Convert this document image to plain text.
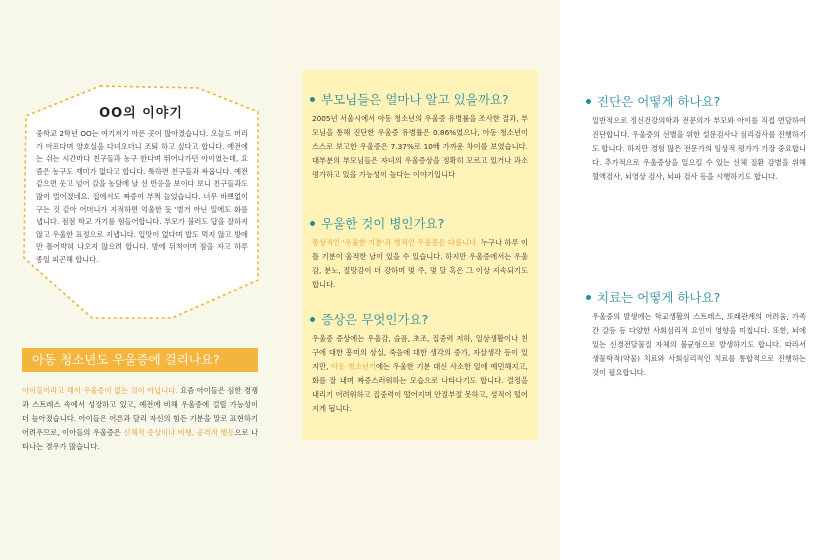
OO의 이야기
중학교 2학년 OO는 여기저기 아픈 곳이 많아졌습니다. 오늘도 머리가 아프다며 양호실을 다녀오더니 조퇴 하고 싶다고 합니다. 예전에는 쉬는 시간마다 친구들과 농구 한다며 뛰어나가던 아이였는데, 요즘은 농구도 재미가 없다고 합니다. 툭하면 친구들과 싸웁니다. 예전 같으면 웃고 넘어 갔을 농담에 날 선 반응을 보이다 보니 친구들과도 많이 멀어졌네요. 집에서도 짜증이 부쩍 늘었습니다. 너무 바쁘없이 구는 것 같아 어머니가 지적하면 억울한 듯 '별거 아닌 일에도 화를 냅니다. 점점 학교 가기를 힘들어합니다. 부모가 불러도 답을 잘하지 않고 우울한 표정으로 지냅니다. 입맛이 없다며 밥도 먹지 않고 방에만 틀어박혀 나오지 않으려 합니다. 밤에 뒤척이며 잠을 자고 하루 종일 피곤해 합니다.
아동 청소년도 우울증에 걸리나요?
아이들이라고 해서 우울증이 없는 것이 아닙니다. 요즘 아이들은 심한 경쟁과 스트레스 속에서 성장하고 있고, 예전에 비해 우울증에 걸릴 가능성이 더 높아졌습니다. 아이들은 어른과 달리 자신의 힘든 기분을 말로 표현하기 어려우므로, 이아들의 우울증은 신체적 증상이나 비행, 공격적 행동으로 나타나는 경우가 많습니다.
부모님들은 얼마나 알고 있을까요?
2005년 서울시에서 아동 청소년의 우울증 유병률을 조사한 결과, 부모님을 통해 진단한 우울증 유병률은 0.86%였으나, 아동 청소년이 스스로 보고한 우울증은 7.37%로 10배 가까운 차이를 보였습니다. 대부분의 부모님들은 자녀의 우울증상을 정확히 모르고 있거나 과소평가하고 있을 가능성이 높다는 이야기입니다
우울한 것이 병인가요?
통상적인 '우울한 기분'과 병적인 우울증은 다릅니다. 누구나 하루 이틀 기분이 울적한 날이 있을 수 있습니다. 하지만 우울증에서는 우울감, 분노, 절망감이 더 강하며 몇 주, 몇 달 혹은 그 이상 지속되기도 합니다.
증상은 무엇인가요?
우울증 증상에는 우울감, 슬픔, 초조, 집중력 저하, 일상생활이나 친구에 대한 흥미의 상실, 죽음에 대한 생각의 증가, 자살생각 등이 있지만, 아동 청소년기에는 우울한 기분 대신 사소한 일에 예민해지고, 화를 잘 내며 짜증스러워하는 모습으로 나타나기도 합니다. 결정을 내리기 어려워하고 집중력이 떨어지며 안절부절 못하고, 성적이 떨어지게 됩니다.
진단은 어떻게 하나요?
일반적으로 정신건강의학과 전문의가 부모와 아이를 직접 면담하여 진단합니다. 우울증의 선별을 위한 설문검사나 심리검사를 진행하기도 합니다. 하지만 경험 많은 전문가의 임상적 평가가 가장 중요합니다. 추가적으로 우울증상을 일으킬 수 있는 신체 질환 감별을 위해 혈액검사, 뇌영상 검사, 뇌파 검사 등을 시행하기도 합니다.
치료는 어떻게 하나요?
우울증의 발생에는 학교생활의 스트레스, 또래관계의 어려움, 가족간 갈등 등 다양한 사회심리적 요인이 영향을 미칩니다. 또한, 뇌에 있는 신경전달물질 자체의 불균형으로 발생하기도 합니다. 따라서 생물학적(약물) 치료와 사회심리적인 치료를 통합적으로 진행하는 것이 필요합니다.
